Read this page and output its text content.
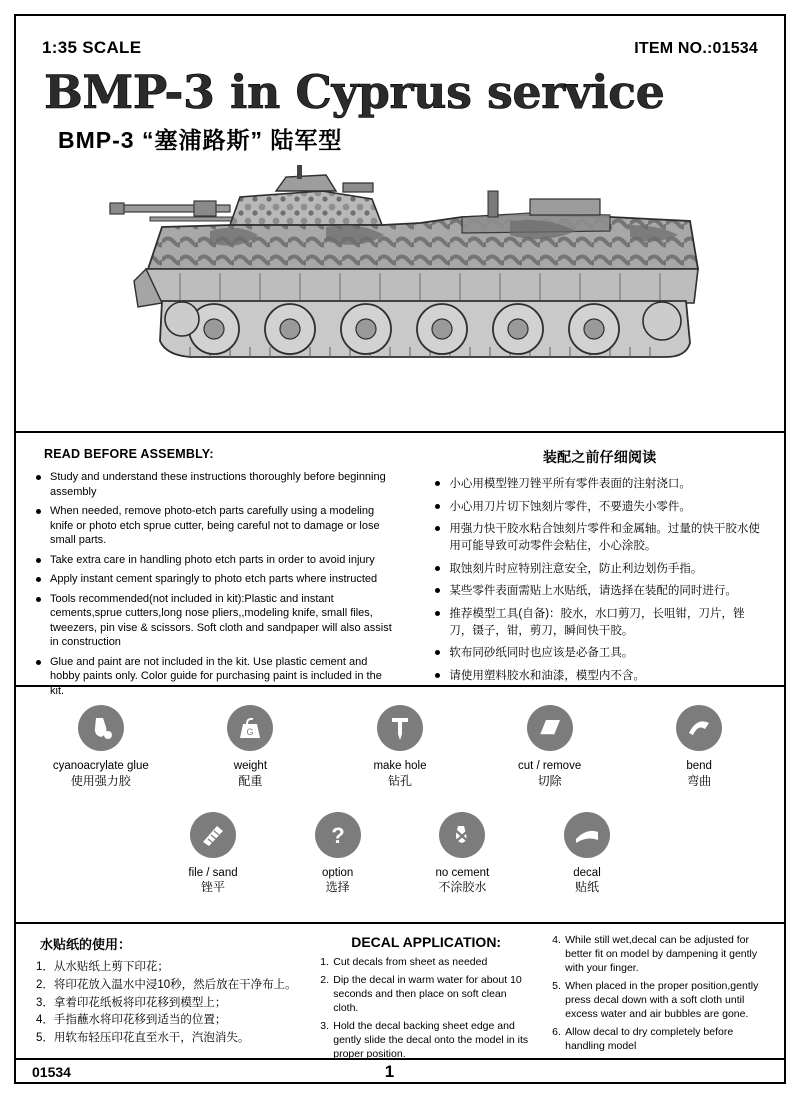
1:35 SCALE	ITEM NO.:01534
BMP-3 in Cyprus service
BMP-3 “塞浦路斯” 陆军型
READ BEFORE ASSEMBLY:
Study and understand these instructions thoroughly before beginning assembly
When needed, remove photo-etch parts carefully using a modeling knife or photo etch sprue cutter, being careful not to damage or lose small parts.
Take extra care in handling photo etch parts in order to avoid injury
Apply instant cement sparingly to photo etch parts where instructed
Tools recommended(not included in kit):Plastic and instant cements,sprue cutters,long nose pliers,,modeling knife, small files, tweezers, pin vise & scissors. Soft cloth and sandpaper will also assist in construction
Glue and paint are not included in the kit. Use plastic cement and hobby paints only. Color guide for purchasing paint is included in the kit.
装配之前仔细阅读
小心用模型锉刀锉平所有零件表面的注射浇口。
小心用刀片切下蚀刻片零件，不要遗失小零件。
用强力快干胶水粘合蚀刻片零件和金属轴。过量的快干胶水使用可能导致可动零件会粘住，小心涂胶。
取蚀刻片时应特别注意安全，防止利边划伤手指。
某些零件表面需贴上水贴纸，请选择在装配的同时进行。
推荐模型工具(自备)：胶水，水口剪刀，长咀钳，刀片，锉刀，镊子，钳，剪刀，瞬间快干胶。
软布同砂纸同时也应该是必备工具。
请使用塑料胶水和油漆，模型内不含。
cyanoacrylate glue
使用强力胶
G
weight
配重
make hole
钻孔
cut / remove
切除
bend
弯曲
file / sand
锉平
?
option
选择
no cement
不涂胶水
decal
贴纸
水贴纸的使用：
1．从水贴纸上剪下印花；
2．将印花放入温水中浸10秒，然后放在干净布上。
3．拿着印花纸板将印花移到模型上；
4．手指蘸水将印花移到适当的位置；
5．用软布轻压印花直至水干，汽泡消失。
DECAL APPLICATION:
Cut decals from sheet as needed
Dip the decal in warm water for about 10 seconds and then place on soft clean cloth.
Hold the decal backing sheet edge and gently slide the decal onto the model in its proper position.
While still wet,decal can be adjusted for better fit on model by dampening it gently with your finger.
When placed in the proper position,gently press decal down with a soft cloth until excess water and air bubbles are gone.
Allow decal to dry completely before handling model
01534	1
